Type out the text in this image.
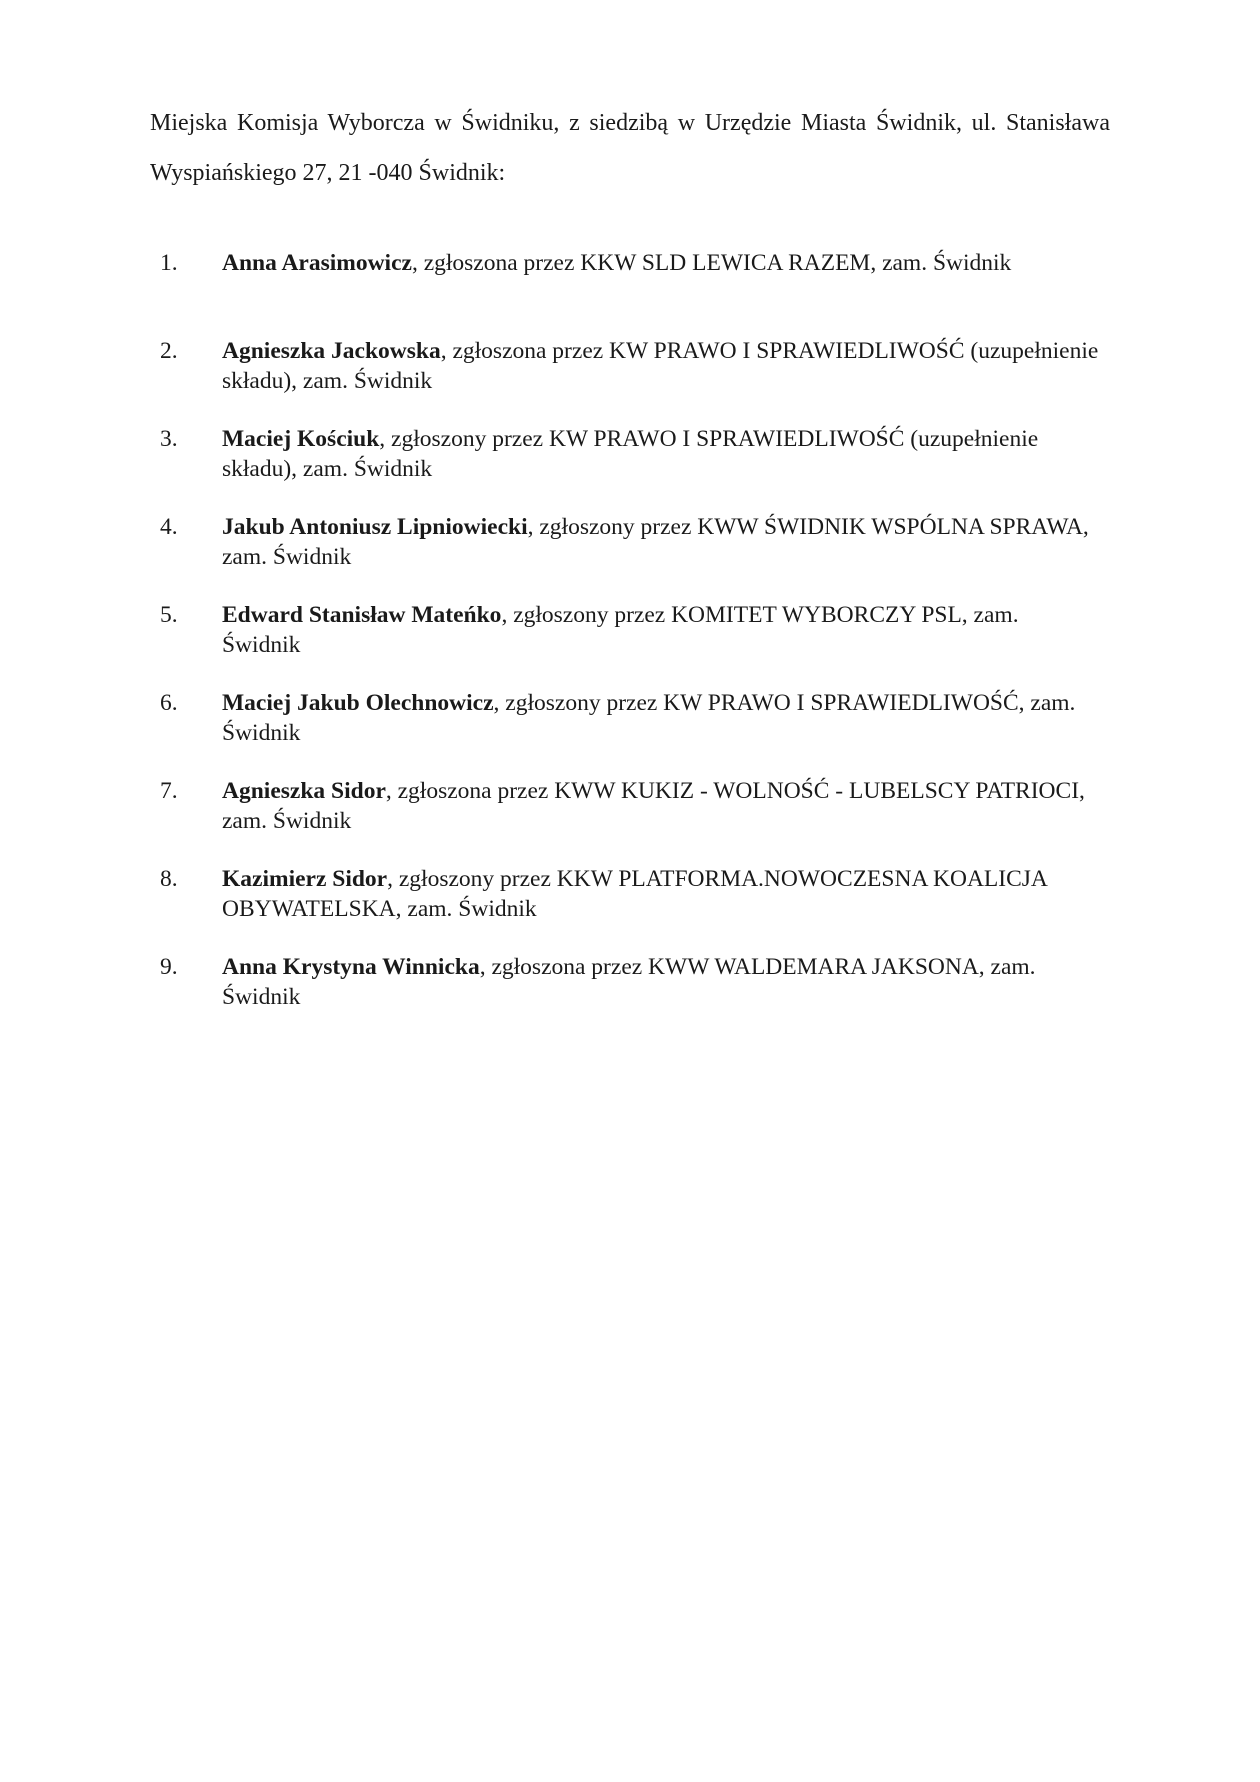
Miejska Komisja Wyborcza w Świdniku, z siedzibą w Urzędzie Miasta Świdnik, ul. Stanisława Wyspiańskiego 27, 21 -040 Świdnik:

1. Anna Arasimowicz, zgłoszona przez KKW SLD LEWICA RAZEM, zam. Świdnik
2. Agnieszka Jackowska, zgłoszona przez KW PRAWO I SPRAWIEDLIWOŚĆ (uzupełnienie składu), zam. Świdnik
3. Maciej Kościuk, zgłoszony przez KW PRAWO I SPRAWIEDLIWOŚĆ (uzupełnienie składu), zam. Świdnik
4. Jakub Antoniusz Lipniowiecki, zgłoszony przez KWW ŚWIDNIK WSPÓLNA SPRAWA, zam. Świdnik
5. Edward Stanisław Mateńko, zgłoszony przez KOMITET WYBORCZY PSL, zam. Świdnik
6. Maciej Jakub Olechnowicz, zgłoszony przez KW PRAWO I SPRAWIEDLIWOŚĆ, zam. Świdnik
7. Agnieszka Sidor, zgłoszona przez KWW KUKIZ - WOLNOŚĆ - LUBELSCY PATRIOCI, zam. Świdnik
8. Kazimierz Sidor, zgłoszony przez KKW PLATFORMA.NOWOCZESNA KOALICJA OBYWATELSKA, zam. Świdnik
9. Anna Krystyna Winnicka, zgłoszona przez KWW WALDEMARA JAKSONA, zam. Świdnik
